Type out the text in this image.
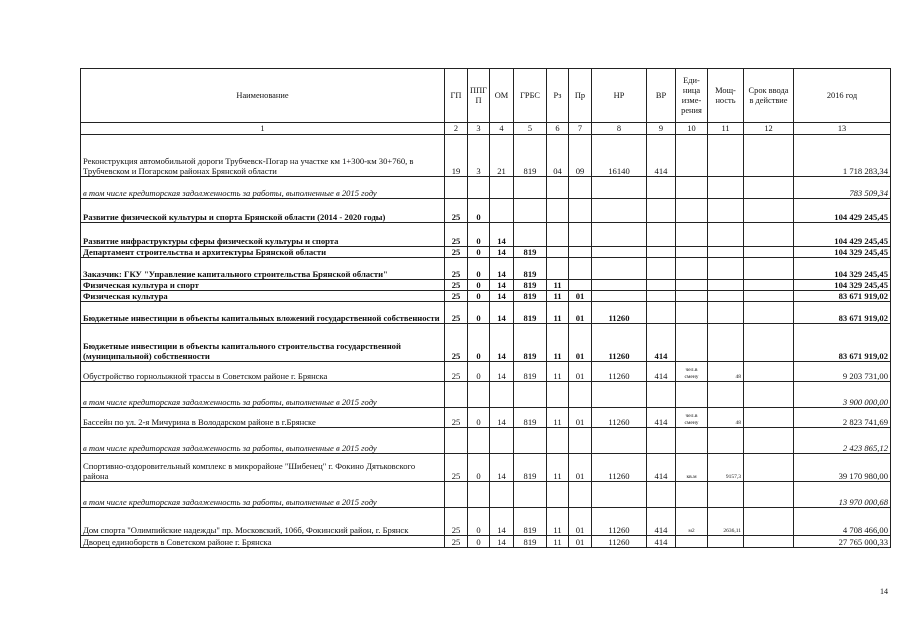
Наименование	ГП	ППГ П	ОМ	ГРБС	Рз	Пр	НР	ВР	Еди- ница изме- рения	Мощ- ность	Срок ввода в действие	2016 год
1	2	3	4	5	6	7	8	9	10	11	12	13
Реконструкция автомобильной дороги Трубчевск-Погар на участке км 1+300-км 30+760, в Трубчевском и Погарском районах Брянской области	19	3	21	819	04	09	16140	414				1 718 283,34
в том числе кредиторская задолженность за работы, выполненные в 2015 году												783 509,34
Развитие физической культуры и спорта Брянской области (2014 - 2020 годы)	25	0										104 429 245,45
Развитие инфраструктуры сферы физической культуры и спорта	25	0	14									104 429 245,45
Департамент строительства и архитектуры Брянской области	25	0	14	819								104 329 245,45
Заказчик: ГКУ "Управление капитального строительства Брянской области"	25	0	14	819								104 329 245,45
Физическая культура и спорт	25	0	14	819	11							104 329 245,45
Физическая культура	25	0	14	819	11	01						83 671 919,02
Бюджетные инвестиции в объекты капитальных вложений государственной собственности	25	0	14	819	11	01	11260					83 671 919,02
Бюджетные инвестиции в объекты капитального строительства государственной (муниципальной) собственности	25	0	14	819	11	01	11260	414				83 671 919,02
Обустройство горнолыжной трассы в Советском районе г. Брянска	25	0	14	819	11	01	11260	414	чел.в смену	48		9 203 731,00
в том числе кредиторская задолженность за работы, выполненные в 2015 году												3 900 000,00
Бассейн по ул. 2-я Мичурина в Володарском районе в г.Брянске	25	0	14	819	11	01	11260	414	чел.в смену	48		2 823 741,69
в том числе кредиторская задолженность за работы, выполненные в 2015 году												2 423 865,12
Спортивно-оздоровительный комплекс в микрорайоне "Шибенец" г. Фокино Дятьковского района	25	0	14	819	11	01	11260	414	кв.м	9157,3		39 170 980,00
в том числе кредиторская задолженность за работы, выполненные в 2015 году												13 970 000,68
Дом спорта "Олимпийские надежды" пр. Московский, 106б, Фокинский район, г. Брянск	25	0	14	819	11	01	11260	414	м2	2636,11		4 708 466,00
Дворец единоборств в Советском районе г. Брянска	25	0	14	819	11	01	11260	414				27 765 000,33
14
